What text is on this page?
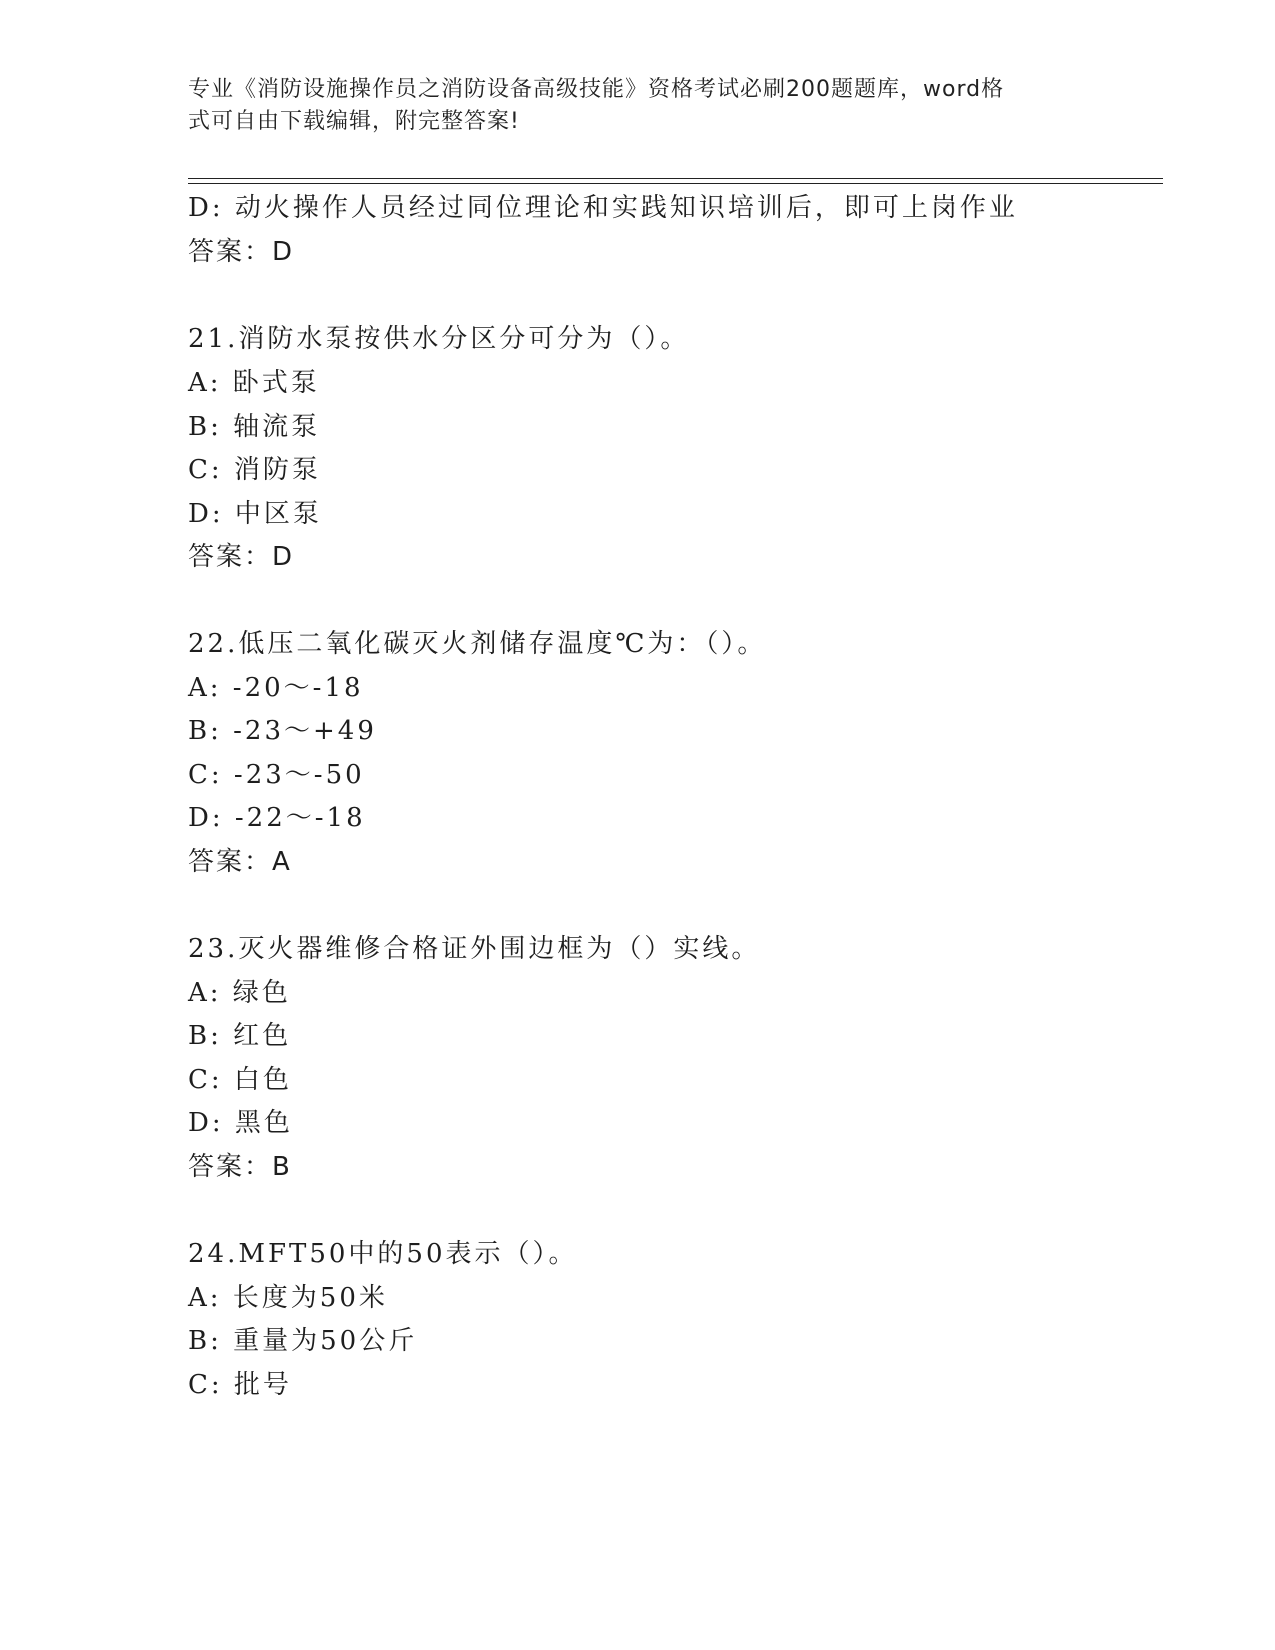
专业《消防设施操作员之消防设备高级技能》资格考试必刷200题题库，word格
式可自由下载编辑，附完整答案!
D: 动火操作人员经过同位理论和实践知识培训后，即可上岗作业
答案：D
21.消防水泵按供水分区分可分为（）。
A: 卧式泵
B: 轴流泵
C: 消防泵
D: 中区泵
答案：D
22.低压二氧化碳灭火剂储存温度℃为：（）。
A: -20～-18
B: -23～+49
C: -23～-50
D: -22～-18
答案：A
23.灭火器维修合格证外围边框为（）实线。
A: 绿色
B: 红色
C: 白色
D: 黑色
答案：B
24.MFT50中的50表示（）。
A: 长度为50米
B: 重量为50公斤
C: 批号
